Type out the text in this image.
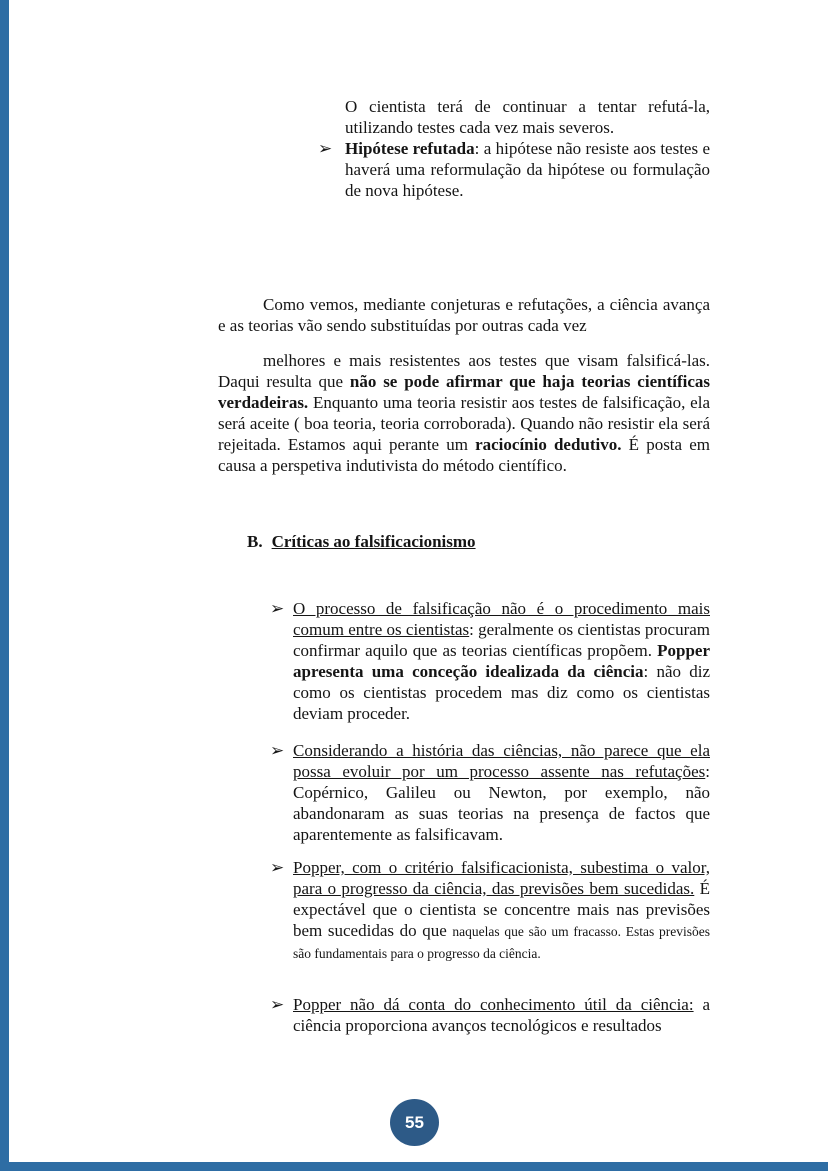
O cientista terá de continuar a tentar refutá-la, utilizando testes cada vez mais severos.

➢ Hipótese refutada: a hipótese não resiste aos testes e haverá uma reformulação da hipótese ou formulação de nova hipótese.

Como vemos, mediante conjeturas e refutações, a ciência avança e as teorias vão sendo substituídas por outras cada vez

melhores e mais resistentes aos testes que visam falsificá-las. Daqui resulta que não se pode afirmar que haja teorias científicas verdadeiras. Enquanto uma teoria resistir aos testes de falsificação, ela será aceite ( boa teoria, teoria corroborada). Quando não resistir ela será rejeitada. Estamos aqui perante um raciocínio dedutivo. É posta em causa a perspetiva indutivista do método científico.

B. Críticas ao falsificacionismo

➢ O processo de falsificação não é o procedimento mais comum entre os cientistas: geralmente os cientistas procuram confirmar aquilo que as teorias científicas propõem. Popper apresenta uma conceção idealizada da ciência: não diz como os cientistas procedem mas diz como os cientistas deviam proceder.
➢ Considerando a história das ciências, não parece que ela possa evoluir por um processo assente nas refutações: Copérnico, Galileu ou Newton, por exemplo, não abandonaram as suas teorias na presença de factos que aparentemente as falsificavam.
➢ Popper, com o critério falsificacionista, subestima o valor, para o progresso da ciência, das previsões bem sucedidas. É expectável que o cientista se concentre mais nas previsões bem sucedidas do que naquelas que são um fracasso. Estas previsões são fundamentais para o progresso da ciência.
➢ Popper não dá conta do conhecimento útil da ciência: a ciência proporciona avanços tecnológicos e resultados
55
